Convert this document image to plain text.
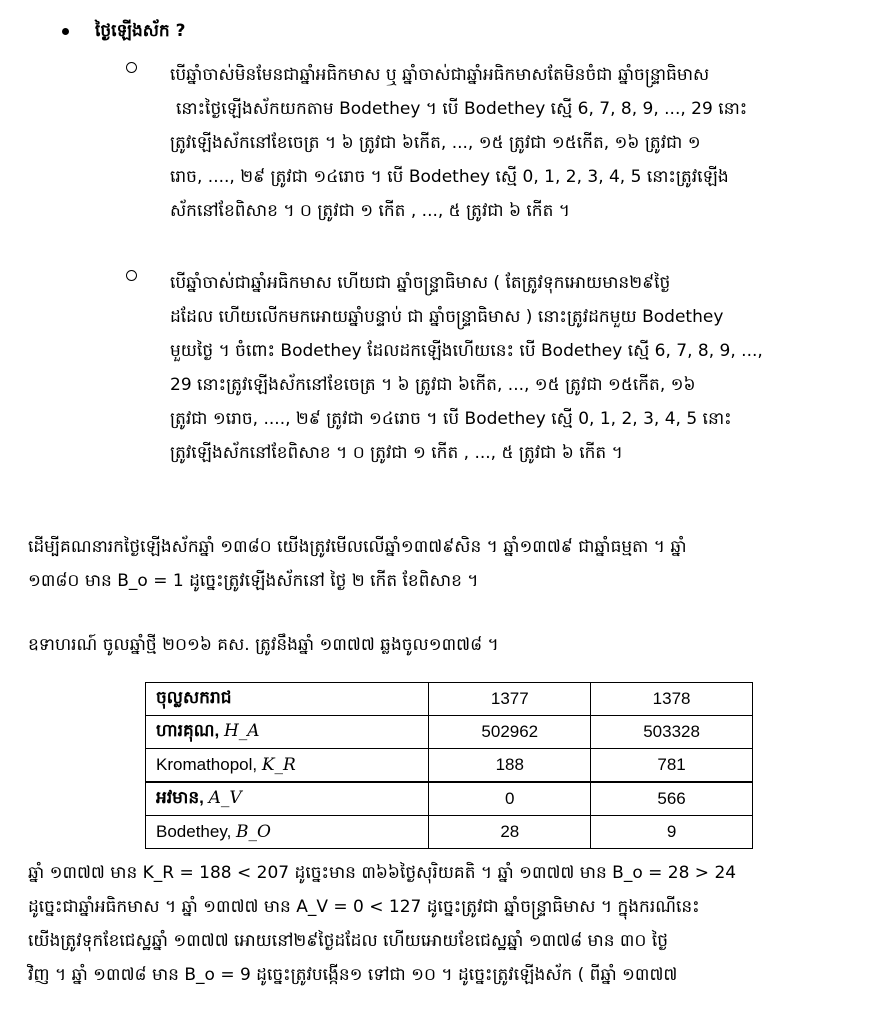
ថ្ងៃឡើងស័ក ?
បើឆ្នាំចាស់មិនមែនជាឆ្នាំអធិកមាស ឬ ឆ្នាំចាស់ជាឆ្នាំអធិកមាសតែមិនចំជា ឆ្នាំចន្ទ្រាធិមាស
នោះថ្ងៃឡើងស័កយកតាម Bodethey ។ បើ Bodethey ស្មើ 6, 7, 8, 9, ..., 29 នោះ
ត្រូវឡើងស័កនៅខែចេត្រ ។ ៦ ត្រូវជា ៦កើត, ..., ១៥ ត្រូវជា ១៥កើត, ១៦ ត្រូវជា ១
រោច, ...., ២៩ ត្រូវជា ១៤រោច ។ បើ Bodethey ស្មើ 0, 1, 2, 3, 4, 5 នោះត្រូវឡើង
ស័កនៅខែពិសាខ ។ ០ ត្រូវជា ១ កើត , ..., ៥ ត្រូវជា ៦ កើត ។
បើឆ្នាំចាស់ជាឆ្នាំអធិកមាស ហើយជា ឆ្នាំចន្ទ្រាធិមាស ( តែត្រូវទុកអោយមាន២៩ថ្ងៃ
ដដែល ហើយលើកមកអោយឆ្នាំបន្ទាប់ ជា ឆ្នាំចន្ទ្រាធិមាស ) នោះត្រូវដកមួយ Bodethey
មួយថ្ងៃ ។ ចំពោះ Bodethey ដែលដកឡើងហើយនេះ បើ Bodethey ស្មើ 6, 7, 8, 9, ...,
29 នោះត្រូវឡើងស័កនៅខែចេត្រ ។ ៦ ត្រូវជា ៦កើត, ..., ១៥ ត្រូវជា ១៥កើត, ១៦
ត្រូវជា ១រោច, ...., ២៩ ត្រូវជា ១៤រោច ។ បើ Bodethey ស្មើ 0, 1, 2, 3, 4, 5 នោះ
ត្រូវឡើងស័កនៅខែពិសាខ ។ ០ ត្រូវជា ១ កើត , ..., ៥ ត្រូវជា ៦ កើត ។
ដើម្បីគណនារកថ្ងៃឡើងស័កឆ្នាំ ១៣៨០ យើងត្រូវមើលលើឆ្នាំ១៣៧៩សិន ។ ឆ្នាំ១៣៧៩ ជាឆ្នាំធម្មតា ។ ឆ្នាំ
១៣៨០ មាន B_o = 1 ដូច្នេះត្រូវឡើងស័កនៅ ថ្ងៃ ២ កើត ខែពិសាខ ។
ឧទាហរណ៍ ចូលឆ្នាំថ្មី ២០១៦ គស. ត្រូវនឹងឆ្នាំ ១៣៧៧ ឆ្លងចូល១៣៧៨ ។
ចុល្លសករាជ	1377	1378
ហារគុណ, H_A	502962	503328
Kromathopol, K_R	188	781
អវមាន, A_V	0	566
Bodethey, B_O	28	9
ឆ្នាំ ១៣៧៧ មាន K_R = 188 < 207 ដូច្នេះមាន ៣៦៦ថ្ងៃសុរិយគតិ ។ ឆ្នាំ ១៣៧៧ មាន B_o = 28 > 24
ដូច្នេះជាឆ្នាំអធិកមាស ។ ឆ្នាំ ១៣៧៧ មាន A_V = 0 < 127 ដូច្នេះត្រូវជា ឆ្នាំចន្ទ្រាធិមាស ។ ក្នុងករណីនេះ
យើងត្រូវទុកខែជេស្ឋឆ្នាំ ១៣៧៧ អោយនៅ២៩ថ្ងៃដដែល ហើយអោយខែជេស្ឋឆ្នាំ ១៣៧៨ មាន ៣០ ថ្ងៃ
វិញ ។ ឆ្នាំ ១៣៧៨ មាន B_o = 9 ដូច្នេះត្រូវបង្កើន១ ទៅជា ១០ ។ ដូច្នេះត្រូវឡើងស័ក ( ពីឆ្នាំ ១៣៧៧
